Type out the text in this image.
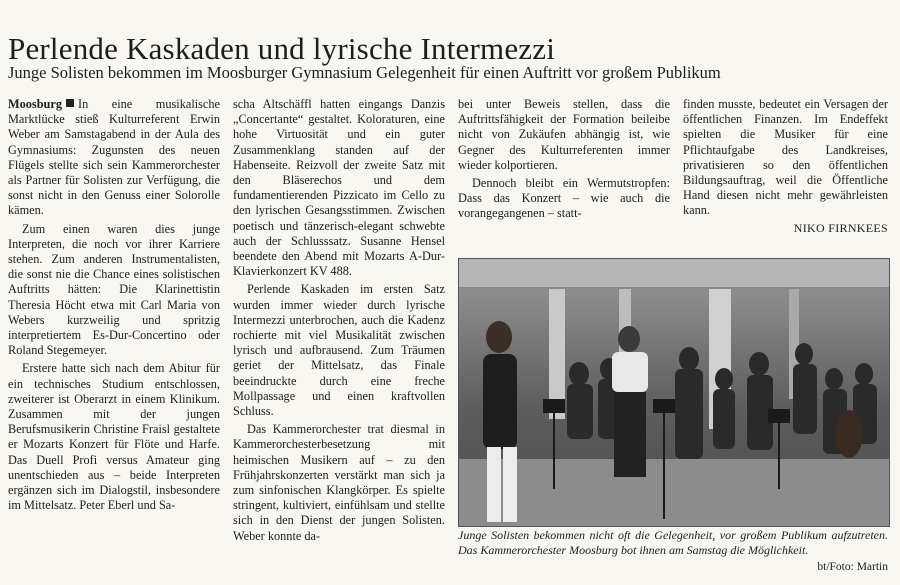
Perlende Kaskaden und lyrische Intermezzi
Junge Solisten bekommen im Moosburger Gymnasium Gelegenheit für einen Auftritt vor großem Publikum

Moosburg In eine musikalische Marktlücke stieß Kulturreferent Erwin Weber am Samstagabend in der Aula des Gymnasiums: Zugunsten des neuen Flügels stellte sich sein Kammerorchester als Partner für Solisten zur Verfügung, die sonst nicht in den Genuss einer Solorolle kämen.

Zum einen waren dies junge Interpreten, die noch vor ihrer Karriere stehen. Zum anderen Instrumentalisten, die sonst nie die Chance eines solistischen Auftritts hätten: Die Klarinettistin Theresia Höcht etwa mit Carl Maria von Webers kurzweilig und spritzig interpretiertem Es-Dur-Concertino oder Roland Stegemeyer.

Erstere hatte sich nach dem Abitur für ein technisches Studium entschlossen, zweiterer ist Oberarzt in einem Klinikum. Zusammen mit der jungen Berufsmusikerin Christine Fraisl gestaltete er Mozarts Konzert für Flöte und Harfe. Das Duell Profi versus Amateur ging unentschieden aus – beide Interpreten ergänzen sich im Dialogstil, insbesondere im Mittelsatz. Peter Eberl und Sa-

scha Altschäffl hatten eingangs Danzis „Concertante“ gestaltet. Koloraturen, eine hohe Virtuosität und ein guter Zusammenklang standen auf der Habenseite. Reizvoll der zweite Satz mit den Bläserechos und dem fundamentierenden Pizzicato im Cello zu den lyrischen Gesangsstimmen. Zwischen poetisch und tänzerisch-elegant schwebte auch der Schlusssatz. Susanne Hensel beendete den Abend mit Mozarts A-Dur-Klavierkonzert KV 488.

Perlende Kaskaden im ersten Satz wurden immer wieder durch lyrische Intermezzi unterbrochen, auch die Kadenz rochierte mit viel Musikalität zwischen lyrisch und aufbrausend. Zum Träumen geriet der Mittelsatz, das Finale beeindruckte durch eine freche Mollpassage und einen kraftvollen Schluss.

Das Kammerorchester trat diesmal in Kammerorchesterbesetzung mit heimischen Musikern auf – zu den Frühjahrskonzerten verstärkt man sich ja zum sinfonischen Klangkörper. Es spielte stringent, kultiviert, einfühlsam und stellte sich in den Dienst der jungen Solisten. Weber konnte da-

bei unter Beweis stellen, dass die Auftrittsfähigkeit der Formation beileibe nicht von Zukäufen abhängig ist, wie Gegner des Kulturreferenten immer wieder kolportieren.

Dennoch bleibt ein Wermutstropfen: Dass das Konzert – wie auch die vorangegangenen – statt-

finden musste, bedeutet ein Versagen der öffentlichen Finanzen. Im Endeffekt spielten die Musiker für eine Pflichtaufgabe des Landkreises, privatisieren so den öffentlichen Bildungsauftrag, weil die Öffentliche Hand diesen nicht mehr gewährleisten kann.

NIKO FIRNKEES
Junge Solisten bekommen nicht oft die Gelegenheit, vor großem Publikum aufzutreten. Das Kammerorchester Moosburg bot ihnen am Samstag die Möglichkeit.
bt/Foto: Martin
